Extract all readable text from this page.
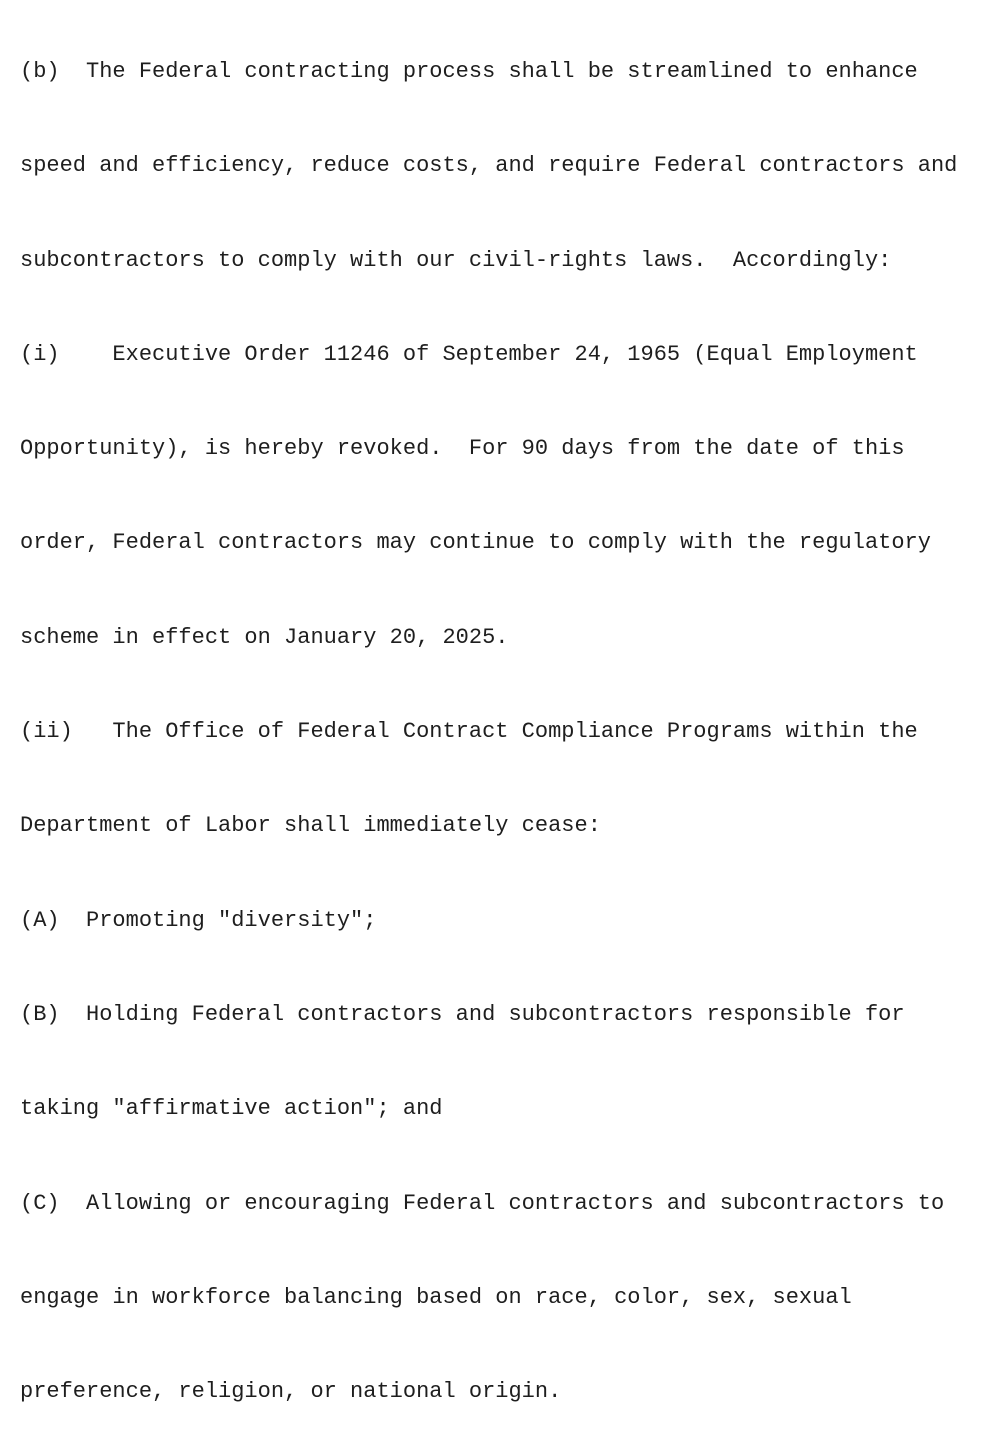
(b)  The Federal contracting process shall be streamlined to enhance

speed and efficiency, reduce costs, and require Federal contractors and

subcontractors to comply with our civil-rights laws.  Accordingly:

(i)    Executive Order 11246 of September 24, 1965 (Equal Employment

Opportunity), is hereby revoked.  For 90 days from the date of this

order, Federal contractors may continue to comply with the regulatory

scheme in effect on January 20, 2025.

(ii)   The Office of Federal Contract Compliance Programs within the

Department of Labor shall immediately cease:

(A)  Promoting "diversity";

(B)  Holding Federal contractors and subcontractors responsible for

taking "affirmative action"; and

(C)  Allowing or encouraging Federal contractors and subcontractors to

engage in workforce balancing based on race, color, sex, sexual

preference, religion, or national origin.
